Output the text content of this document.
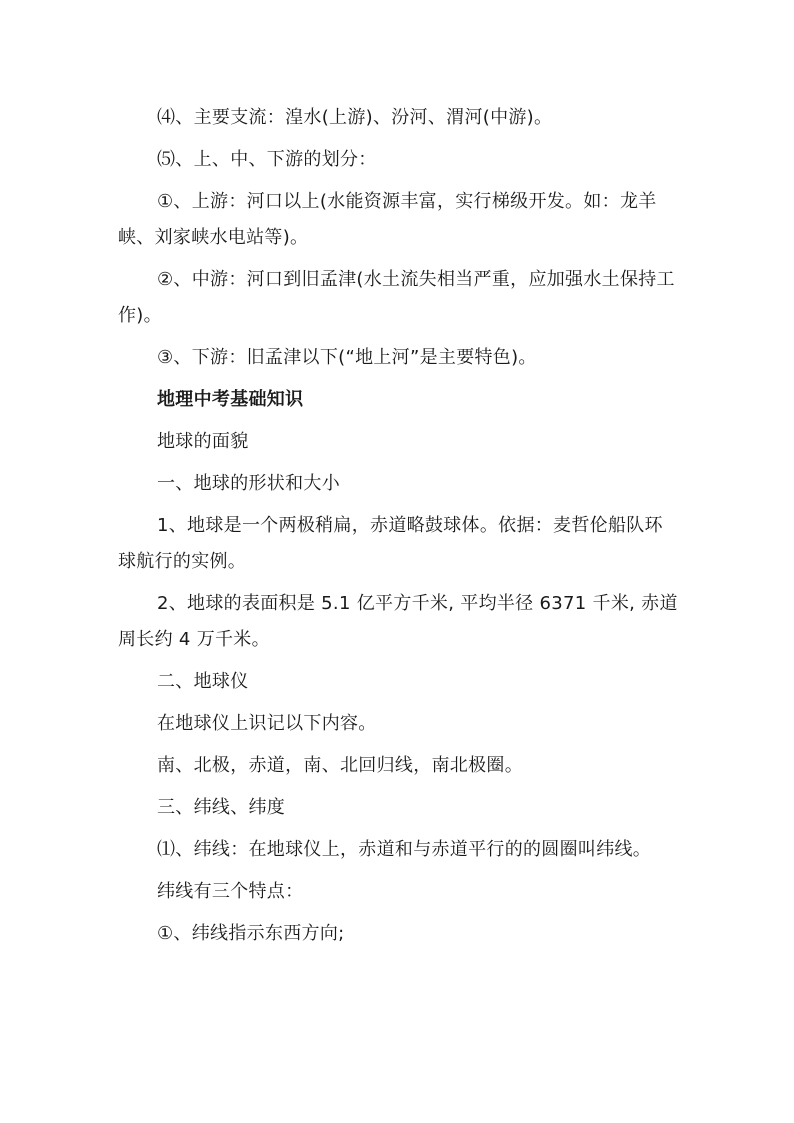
⑷、主要支流：湟水(上游)、汾河、渭河(中游)。

⑸、上、中、下游的划分：

①、上游：河口以上(水能资源丰富，实行梯级开发。如：龙羊峡、刘家峡水电站等)。

②、中游：河口到旧孟津(水土流失相当严重，应加强水土保持工作)。

③、下游：旧孟津以下(“地上河”是主要特色)。

地理中考基础知识

地球的面貌

一、地球的形状和大小

1、地球是一个两极稍扁，赤道略鼓球体。依据：麦哲伦船队环球航行的实例。

2、地球的表面积是 5.1 亿平方千米, 平均半径 6371 千米, 赤道周长约 4 万千米。

二、地球仪

在地球仪上识记以下内容。

南、北极，赤道，南、北回归线，南北极圈。

三、纬线、纬度

⑴、纬线：在地球仪上，赤道和与赤道平行的的圆圈叫纬线。

纬线有三个特点：

①、纬线指示东西方向;
